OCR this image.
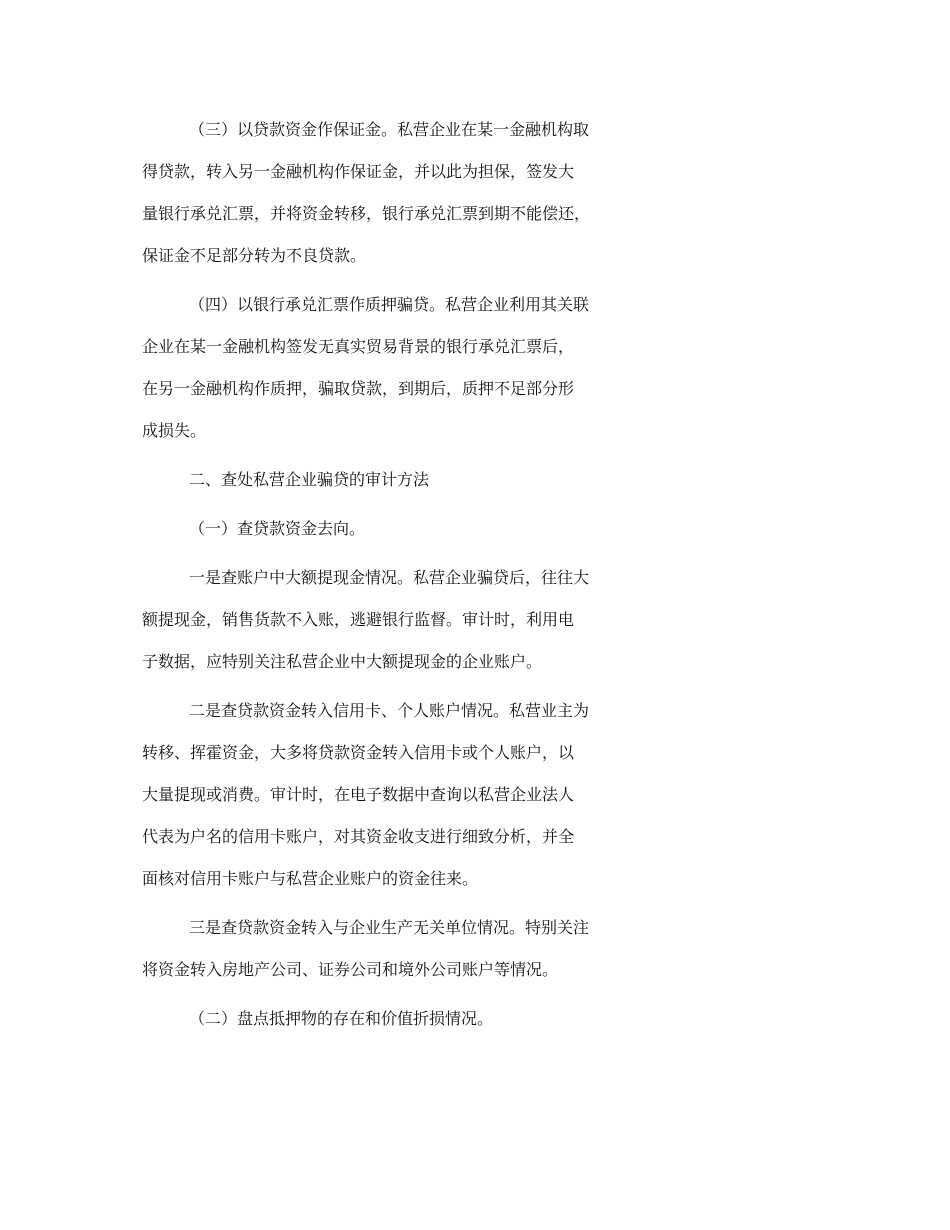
（三）以贷款资金作保证金。私营企业在某一金融机构取
得贷款，转入另一金融机构作保证金，并以此为担保，签发大
量银行承兑汇票，并将资金转移，银行承兑汇票到期不能偿还，
保证金不足部分转为不良贷款。
（四）以银行承兑汇票作质押骗贷。私营企业利用其关联
企业在某一金融机构签发无真实贸易背景的银行承兑汇票后，
在另一金融机构作质押，骗取贷款，到期后，质押不足部分形
成损失。
二、查处私营企业骗贷的审计方法
（一）查贷款资金去向。
一是查账户中大额提现金情况。私营企业骗贷后，往往大
额提现金，销售货款不入账，逃避银行监督。审计时，利用电
子数据，应特别关注私营企业中大额提现金的企业账户。
二是查贷款资金转入信用卡、个人账户情况。私营业主为
转移、挥霍资金，大多将贷款资金转入信用卡或个人账户，以
大量提现或消费。审计时，在电子数据中查询以私营企业法人
代表为户名的信用卡账户，对其资金收支进行细致分析，并全
面核对信用卡账户与私营企业账户的资金往来。
三是查贷款资金转入与企业生产无关单位情况。特别关注
将资金转入房地产公司、证券公司和境外公司账户等情况。
（二）盘点抵押物的存在和价值折损情况。
